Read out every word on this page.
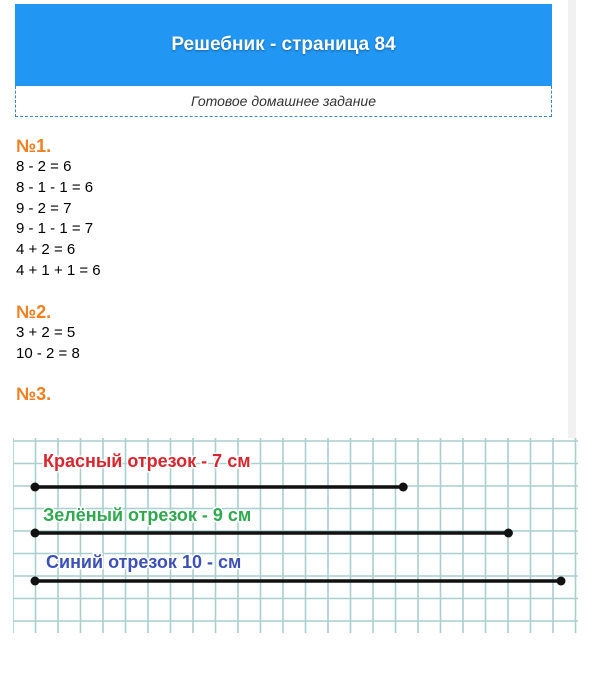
Решебник - страница 84
Готовое домашнее задание
№1.
8 - 2 = 6
8 - 1 - 1 = 6
9 - 2 = 7
9 - 1 - 1 = 7
4 + 2 = 6
4 + 1 + 1 = 6
№2.
3 + 2 = 5
10 - 2 = 8
№3.
Красный отрезок - 7 см
Зелёный отрезок - 9 см
Синий отрезок 10 - см
